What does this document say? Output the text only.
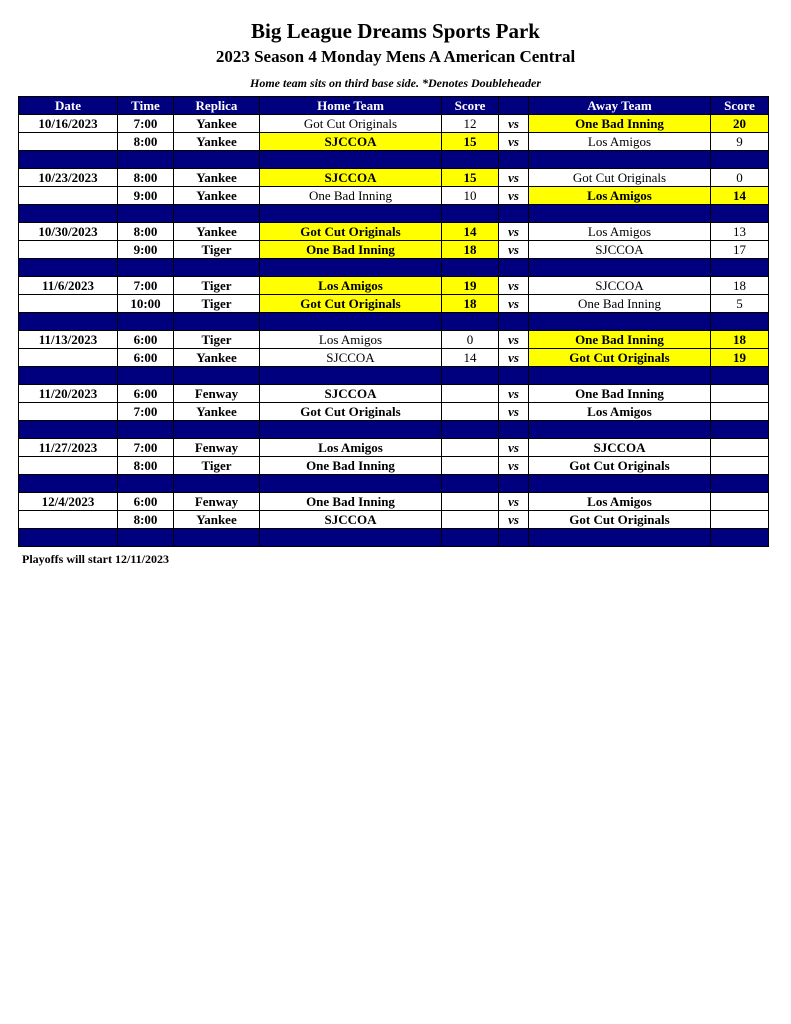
Big League Dreams Sports Park
2023 Season 4 Monday Mens A American Central
Home team sits on third base side. *Denotes Doubleheader
Date	Time	Replica	Home Team	Score		Away Team	Score
10/16/2023	7:00	Yankee	Got Cut Originals	12	vs	One Bad Inning	20
	8:00	Yankee	SJCCOA	15	vs	Los Amigos	9

10/23/2023	8:00	Yankee	SJCCOA	15	vs	Got Cut Originals	0
	9:00	Yankee	One Bad Inning	10	vs	Los Amigos	14

10/30/2023	8:00	Yankee	Got Cut Originals	14	vs	Los Amigos	13
	9:00	Tiger	One Bad Inning	18	vs	SJCCOA	17

11/6/2023	7:00	Tiger	Los Amigos	19	vs	SJCCOA	18
	10:00	Tiger	Got Cut Originals	18	vs	One Bad Inning	5

11/13/2023	6:00	Tiger	Los Amigos	0	vs	One Bad Inning	18
	6:00	Yankee	SJCCOA	14	vs	Got Cut Originals	19

11/20/2023	6:00	Fenway	SJCCOA		vs	One Bad Inning	
	7:00	Yankee	Got Cut Originals		vs	Los Amigos	

11/27/2023	7:00	Fenway	Los Amigos		vs	SJCCOA	
	8:00	Tiger	One Bad Inning		vs	Got Cut Originals	

12/4/2023	6:00	Fenway	One Bad Inning		vs	Los Amigos	
	8:00	Yankee	SJCCOA		vs	Got Cut Originals	

Playoffs will start 12/11/2023
